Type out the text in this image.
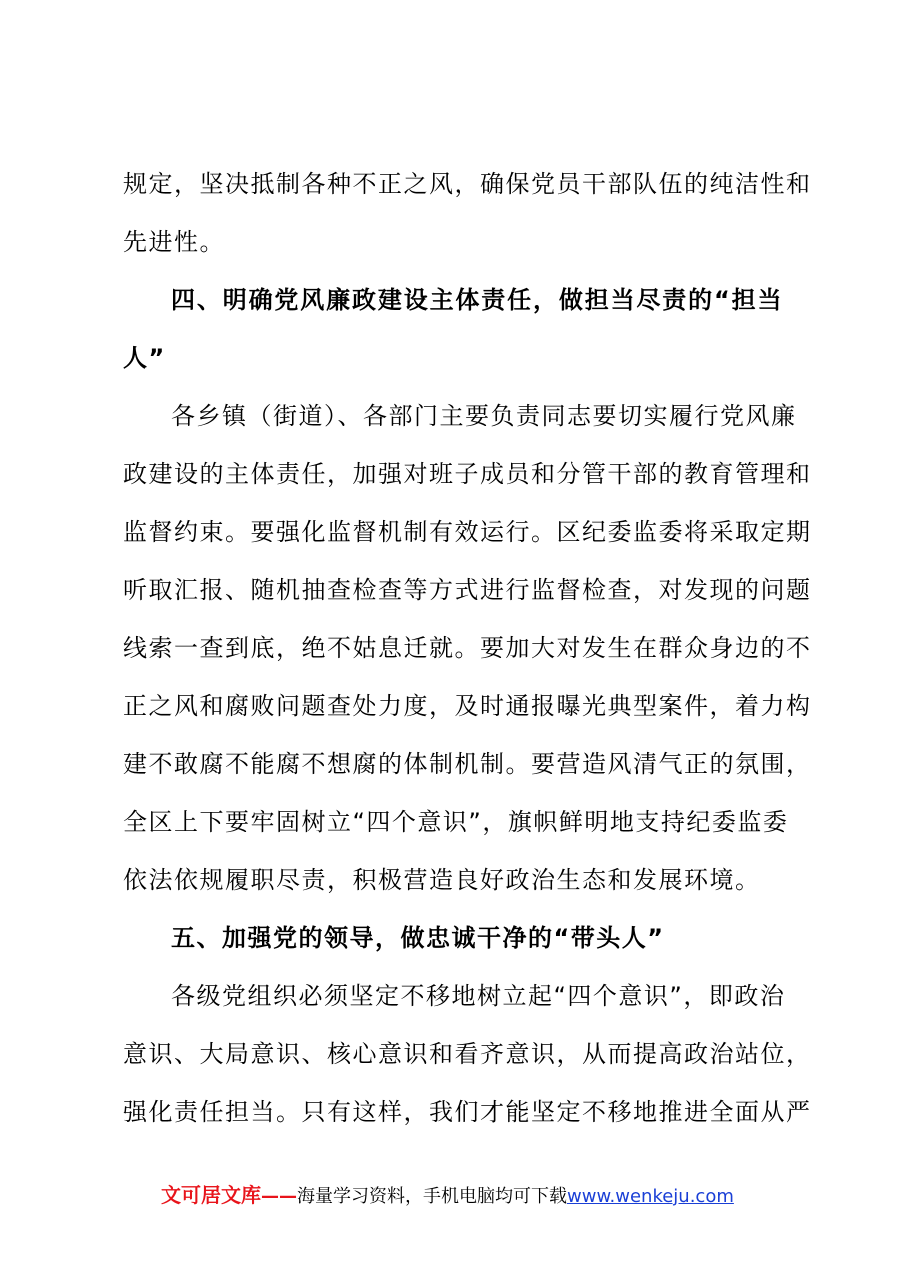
规定，坚决抵制各种不正之风，确保党员干部队伍的纯洁性和
先进性。
四、明确党风廉政建设主体责任，做担当尽责的“担当
人”
各乡镇（街道）、各部门主要负责同志要切实履行党风廉
政建设的主体责任，加强对班子成员和分管干部的教育管理和
监督约束。要强化监督机制有效运行。区纪委监委将采取定期
听取汇报、随机抽查检查等方式进行监督检查，对发现的问题
线索一查到底，绝不姑息迁就。要加大对发生在群众身边的不
正之风和腐败问题查处力度，及时通报曝光典型案件，着力构
建不敢腐不能腐不想腐的体制机制。要营造风清气正的氛围，
全区上下要牢固树立“四个意识”，旗帜鲜明地支持纪委监委
依法依规履职尽责，积极营造良好政治生态和发展环境。
五、加强党的领导，做忠诚干净的“带头人”
各级党组织必须坚定不移地树立起“四个意识”，即政治
意识、大局意识、核心意识和看齐意识，从而提高政治站位，
强化责任担当。只有这样，我们才能坚定不移地推进全面从严
文可居文库——海量学习资料，手机电脑均可下载www.wenkeju.com
